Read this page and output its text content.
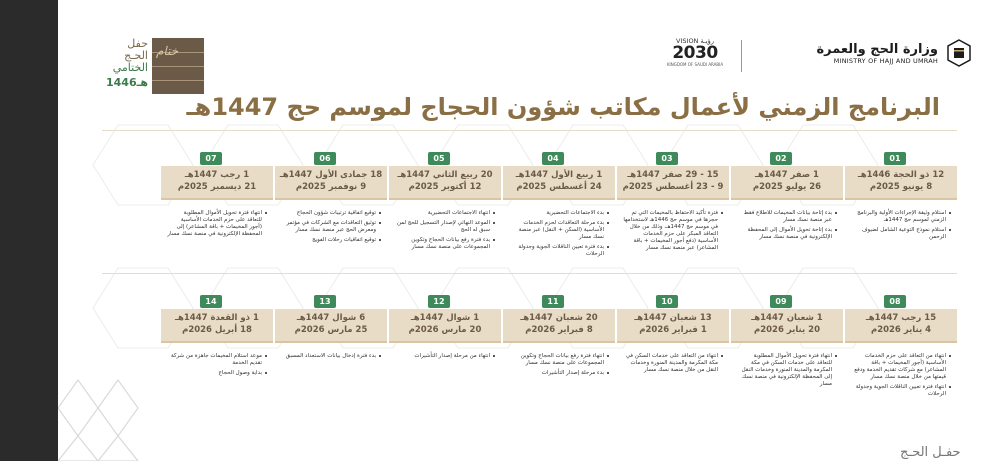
وزارة الحج والعمرة
MINISTRY OF HAJJ AND UMRAH
VISION رؤيـة
2030
KINGDOM OF SAUDI ARABIA
ختام
حفل
الحـج
الختامي
1446هـ
البرنامج الزمني لأعمال مكاتب شؤون الحجاج لموسم حج 1447هـ
01
12 ذو الحجة 1446هـ
8 يونيو 2025م
استلام وثيقة الإجراءات الأولية والبرنامج الزمني لموسم حج 1447هـ
استلام نموذج التوعية الشامل لضيوف الرحمن
02
1 صفر 1447هـ
26 يوليو 2025م
بدء إتاحة بيانات المخيمات للاطلاع فقط عبر منصة نسك مسار
بدء إتاحة تحويل الأموال إلى المحفظة الإلكترونية في منصة نسك مسار
03
15 - 29 صفر 1447هـ
9 - 23 أغسطس 2025م
فترة تأكيد الاحتفاظ بالمخيمات التي تم حجزها في موسم حج 1446هـ لاستخدامها في موسم حج 1447هـ، وذلك من خلال التعاقد المبكر على حزم الخدمات الأساسية (دفع أجور المخيمات + باقة المشاعر) عبر منصة نسك مسار
04
1 ربيع الأول 1447هـ
24 أغسطس 2025م
بدء الاجتماعات التحضيرية
بدء مرحلة التعاقدات لحزم الخدمات الأساسية (السكن + النقل) عبر منصة نسك مسار
بدء فترة تعيين الناقلات الجوية وجدولة الرحلات
05
20 ربيع الثاني 1447هـ
12 أكتوبر 2025م
انتهاء الاجتماعات التحضيرية
الموعد النهائي لإصدار التسجيل للحج لمن سبق له الحج
بدء فترة رفع بيانات الحجاج وتكوين المجموعات على منصة نسك مسار
06
18 جمادى الأول 1447هـ
9 نوفمبر 2025م
توقيع اتفاقية ترتيبات شؤون الحجاج
توثيق التعاقدات مع الشركات في مؤتمر ومعرض الحج عبر منصة نسك مسار
توقيع اتفاقيات رحلات الفويج
07
1 رجب 1447هـ
21 ديسمبر 2025م
انتهاء فترة تحويل الأموال المطلوبة للتعاقد على حزم الخدمات الأساسية (أجور المخيمات + باقة المشاعر) إلى المحفظة الإلكترونية في منصة نسك مسار
08
15 رجب 1447هـ
4 يناير 2026م
انتهاء من التعاقد على حزم الخدمات الأساسية (أجور المخيمات + باقة المشاعر) مع شركات تقديم الخدمة ودفع قيمتها من خلال منصة نسك مسار
انتهاء فترة تعيين الناقلات الجوية وجدولة الرحلات
09
1 شعبان 1447هـ
20 يناير 2026م
انتهاء فترة تحويل الأموال المطلوبة للتعاقد على خدمات السكن في مكة المكرمة والمدينة المنورة وخدمات النقل إلى المحفظة الإلكترونية في منصة نسك مسار
10
13 شعبان 1447هـ
1 فبراير 2026م
انتهاء من التعاقد على خدمات السكن في مكة المكرمة والمدينة المنورة وخدمات النقل من خلال منصة نسك مسار
11
20 شعبان 1447هـ
8 فبراير 2026م
انتهاء فترة رفع بيانات الحجاج وتكوين المجموعات على منصة نسك مسار
بدء مرحلة إصدار التأشيرات
12
1 شوال 1447هـ
20 مارس 2026م
انتهاء من مرحلة إصدار التأشيرات
13
6 شوال 1447هـ
25 مارس 2026م
بدء فترة إدخال بيانات الاستعداد المسبق
14
1 ذو القعدة 1447هـ
18 أبريل 2026م
موعد استلام المخيمات جاهزة من شركة تقديم الخدمة
بداية وصول الحجاج
حفـل الحـج
